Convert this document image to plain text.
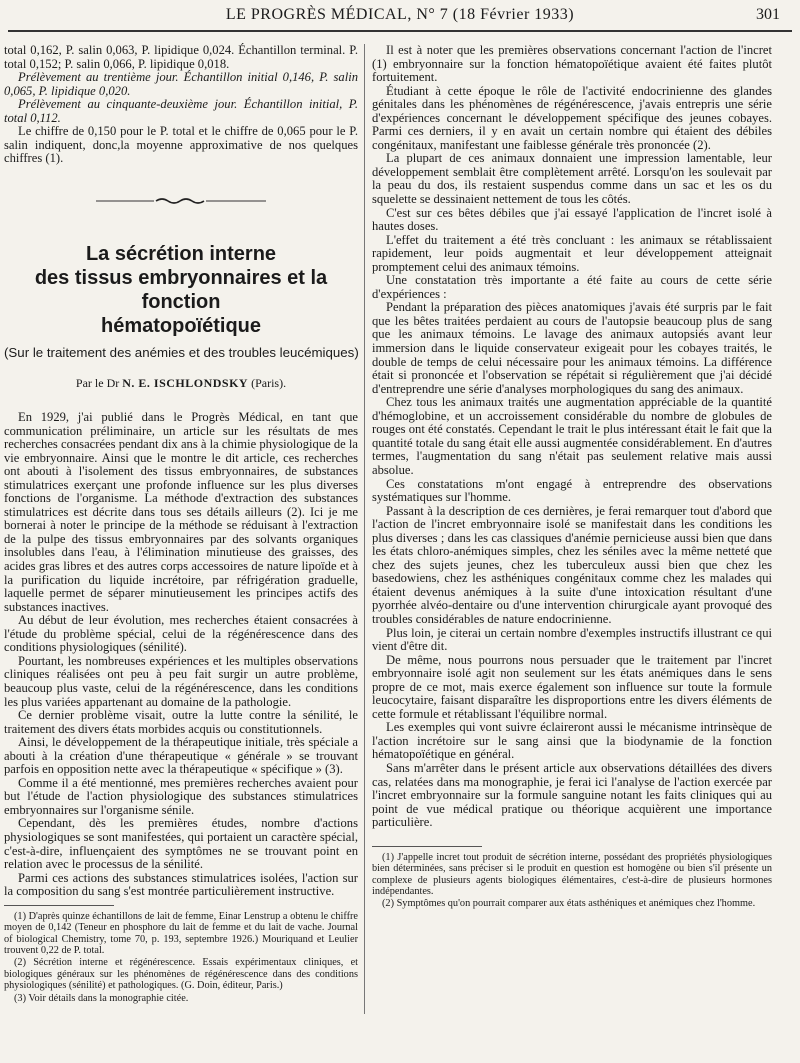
LE PROGRÈS MÉDICAL, N° 7 (18 Février 1933)	301

total 0,162, P. salin 0,063, P. lipidique 0,024. Échantillon terminal. P. total 0,152; P. salin 0,066, P. lipidique 0,018.

Prélèvement au trentième jour. Échantillon initial 0,146, P. salin 0,065, P. lipidique 0,020.

Prélèvement au cinquante-deuxième jour. Échantillon initial, P. total 0,112.

Le chiffre de 0,150 pour le P. total et le chiffre de 0,065 pour le P. salin indiquent, donc,la moyenne approximative de nos quelques chiffres (1).

La sécrétion interne
des tissus embryonnaires et la fonction
hématopoïétique
(Sur le traitement des anémies et des troubles leucémiques)
Par le Dr N. E. ISCHLONDSKY (Paris).

En 1929, j'ai publié dans le Progrès Médical, en tant que communication préliminaire, un article sur les résultats de mes recherches consacrées pendant dix ans à la chimie physiologique de la vie embryonnaire. Ainsi que le montre le dit article, ces recherches ont abouti à l'isolement des tissus embryonnaires, de substances stimulatrices exerçant une profonde influence sur les plus diverses fonctions de l'organisme. La méthode d'extraction des substances stimulatrices est décrite dans tous ses détails ailleurs (2). Ici je me bornerai à noter le principe de la méthode se réduisant à l'extraction de la pulpe des tissus embryonnaires par des solvants organiques insolubles dans l'eau, à l'élimination minutieuse des graisses, des acides gras libres et des autres corps accessoires de nature lipoïde et à la purification du liquide incrétoire, par réfrigération graduelle, laquelle permet de séparer minutieusement les principes actifs des substances inactives.

Au début de leur évolution, mes recherches étaient consacrées à l'étude du problème spécial, celui de la régénérescence dans des conditions physiologiques (sénilité).

Pourtant, les nombreuses expériences et les multiples observations cliniques réalisées ont peu à peu fait surgir un autre problème, beaucoup plus vaste, celui de la régénérescence, dans les conditions les plus variées appartenant au domaine de la pathologie.

Ce dernier problème visait, outre la lutte contre la sénilité, le traitement des divers états morbides acquis ou constitutionnels.

Ainsi, le développement de la thérapeutique initiale, très spéciale a abouti à la création d'une thérapeutique « générale » se trouvant parfois en opposition nette avec la thérapeutique « spécifique » (3).

Comme il a été mentionné, mes premières recherches avaient pour but l'étude de l'action physiologique des substances stimulatrices embryonnaires sur l'organisme sénile.

Cependant, dès les premières études, nombre d'actions physiologiques se sont manifestées, qui portaient un caractère spécial, c'est-à-dire, influençaient des symptômes ne se trouvant point en relation avec le processus de la sénilité.

Parmi ces actions des substances stimulatrices isolées, l'action sur la composition du sang s'est montrée particulièrement instructive.

(1) D'après quinze échantillons de lait de femme, Einar Lenstrup a obtenu le chiffre moyen de 0,142 (Teneur en phosphore du lait de femme et du lait de vache. Journal of biological Chemistry, tome 70, p. 193, septembre 1926.) Mouriquand et Leulier trouvent 0,22 de P. total.

(2) Sécrétion interne et régénérescence. Essais expérimentaux cliniques, et biologiques généraux sur les phénomènes de régénérescence dans des conditions physiologiques (sénilité) et pathologiques. (G. Doin, éditeur, Paris.)

(3) Voir détails dans la monographie citée.

Il est à noter que les premières observations concernant l'action de l'incret (1) embryonnaire sur la fonction hématopoïétique avaient été faites plutôt fortuitement.

Étudiant à cette époque le rôle de l'activité endocrinienne des glandes génitales dans les phénomènes de régénérescence, j'avais entrepris une série d'expériences concernant le développement spécifique des jeunes cobayes. Parmi ces derniers, il y en avait un certain nombre qui étaient des débiles congénitaux, manifestant une faiblesse générale très prononcée (2).

La plupart de ces animaux donnaient une impression lamentable, leur développement semblait être complètement arrêté. Lorsqu'on les soulevait par la peau du dos, ils restaient suspendus comme dans un sac et les os du squelette se dessinaient nettement de tous les côtés.

C'est sur ces bêtes débiles que j'ai essayé l'application de l'incret isolé à hautes doses.

L'effet du traitement a été très concluant : les animaux se rétablissaient rapidement, leur poids augmentait et leur développement atteignait promptement celui des animaux témoins.

Une constatation très importante a été faite au cours de cette série d'expériences :

Pendant la préparation des pièces anatomiques j'avais été surpris par le fait que les bêtes traitées perdaient au cours de l'autopsie beaucoup plus de sang que les animaux témoins. Le lavage des animaux autopsiés avant leur immersion dans le liquide conservateur exigeait pour les cobayes traités, le double de temps de celui nécessaire pour les animaux témoins. La différence était si prononcée et l'observation se répétait si régulièrement que j'ai décidé d'entreprendre une série d'analyses morphologiques du sang des animaux.

Chez tous les animaux traités une augmentation appréciable de la quantité d'hémoglobine, et un accroissement considérable du nombre de globules de rouges ont été constatés. Cependant le trait le plus intéressant était le fait que la quantité totale du sang était elle aussi augmentée considérablement. En d'autres termes, l'augmentation du sang n'était pas seulement relative mais aussi absolue.

Ces constatations m'ont engagé à entreprendre des observations systématiques sur l'homme.

Passant à la description de ces dernières, je ferai remarquer tout d'abord que l'action de l'incret embryonnaire isolé se manifestait dans les conditions les plus diverses ; dans les cas classiques d'anémie pernicieuse aussi bien que dans les états chloro-anémiques simples, chez les séniles avec la même netteté que chez des sujets jeunes, chez les tuberculeux aussi bien que chez les basedowiens, chez les asthéniques congénitaux comme chez les malades qui étaient devenus anémiques à la suite d'une intoxication résultant d'une pyorrhée alvéo-dentaire ou d'une intervention chirurgicale ayant provoqué des troubles considérables de nature endocrinienne.

Plus loin, je citerai un certain nombre d'exemples instructifs illustrant ce qui vient d'être dit.

De même, nous pourrons nous persuader que le traitement par l'incret embryonnaire isolé agit non seulement sur les états anémiques dans le sens propre de ce mot, mais exerce également son influence sur toute la formule leucocytaire, faisant disparaître les disproportions entre les divers éléments de cette formule et rétablissant l'équilibre normal.

Les exemples qui vont suivre éclaireront aussi le mécanisme intrinsèque de l'action incrétoire sur le sang ainsi que la biodynamie de la fonction hématopoïétique en général.

Sans m'arrêter dans le présent article aux observations détaillées des divers cas, relatées dans ma monographie, je ferai ici l'analyse de l'action exercée par l'incret embryonnaire sur la formule sanguine notant les faits cliniques qui au point de vue médical pratique ou théorique acquièrent une importance particulière.

(1) J'appelle incret tout produit de sécrétion interne, possédant des propriétés physiologiques bien déterminées, sans préciser si le produit en question est homogène ou bien s'il présente un complexe de plusieurs agents biologiques élémentaires, c'est-à-dire de plusieurs hormones indépendantes.

(2) Symptômes qu'on pourrait comparer aux états asthéniques et anémiques chez l'homme.
